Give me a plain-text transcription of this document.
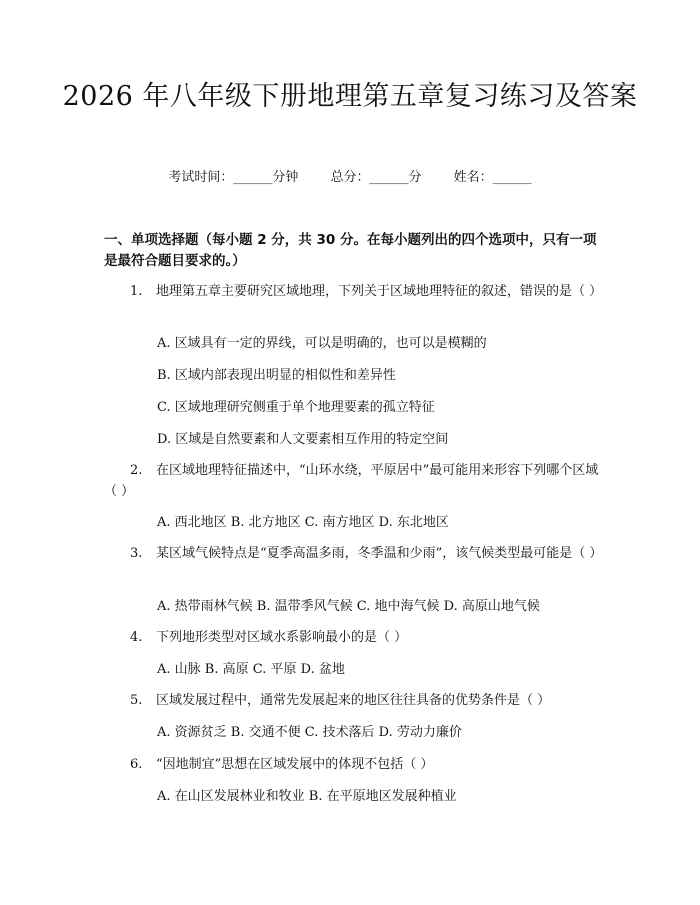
2026 年八年级下册地理第五章复习练习及答案
考试时间：______分钟 总分：______分 姓名：______
一、单项选择题（每小题 2 分，共 30 分。在每小题列出的四个选项中，只有一项是最符合题目要求的。）
1. 地理第五章主要研究区域地理，下列关于区域地理特征的叙述，错误的是（ ）
A. 区域具有一定的界线，可以是明确的，也可以是模糊的
B. 区域内部表现出明显的相似性和差异性
C. 区域地理研究侧重于单个地理要素的孤立特征
D. 区域是自然要素和人文要素相互作用的特定空间
2. 在区域地理特征描述中，“山环水绕，平原居中”最可能用来形容下列哪个区域（ ）
A. 西北地区 B. 北方地区 C. 南方地区 D. 东北地区
3. 某区域气候特点是“夏季高温多雨，冬季温和少雨”，该气候类型最可能是（ ）
A. 热带雨林气候 B. 温带季风气候 C. 地中海气候 D. 高原山地气候
4. 下列地形类型对区域水系影响最小的是（ ）
A. 山脉 B. 高原 C. 平原 D. 盆地
5. 区域发展过程中，通常先发展起来的地区往往具备的优势条件是（ ）
A. 资源贫乏 B. 交通不便 C. 技术落后 D. 劳动力廉价
6. “因地制宜”思想在区域发展中的体现不包括（ ）
A. 在山区发展林业和牧业 B. 在平原地区发展种植业
